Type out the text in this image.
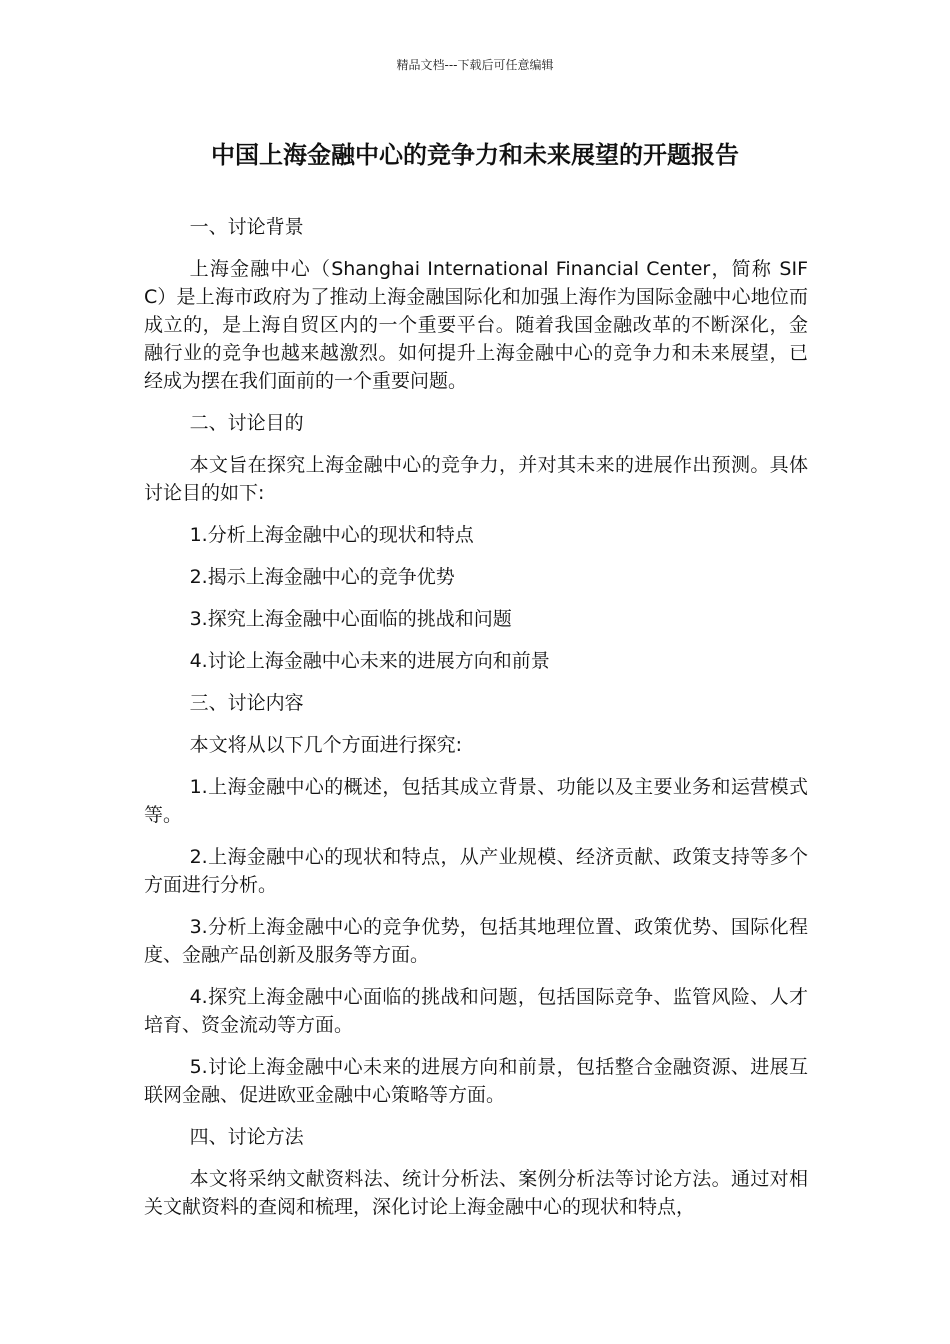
精品文档---下载后可任意编辑
中国上海金融中心的竞争力和未来展望的开题报告

一、讨论背景

上海金融中心（Shanghai International Financial Center，简称 SIFC）是上海市政府为了推动上海金融国际化和加强上海作为国际金融中心地位而成立的，是上海自贸区内的一个重要平台。随着我国金融改革的不断深化，金融行业的竞争也越来越激烈。如何提升上海金融中心的竞争力和未来展望，已经成为摆在我们面前的一个重要问题。

二、讨论目的

本文旨在探究上海金融中心的竞争力，并对其未来的进展作出预测。具体讨论目的如下:

1.分析上海金融中心的现状和特点

2.揭示上海金融中心的竞争优势

3.探究上海金融中心面临的挑战和问题

4.讨论上海金融中心未来的进展方向和前景

三、讨论内容

本文将从以下几个方面进行探究:

1.上海金融中心的概述，包括其成立背景、功能以及主要业务和运营模式等。

2.上海金融中心的现状和特点，从产业规模、经济贡献、政策支持等多个方面进行分析。

3.分析上海金融中心的竞争优势，包括其地理位置、政策优势、国际化程度、金融产品创新及服务等方面。

4.探究上海金融中心面临的挑战和问题，包括国际竞争、监管风险、人才培育、资金流动等方面。

5.讨论上海金融中心未来的进展方向和前景，包括整合金融资源、进展互联网金融、促进欧亚金融中心策略等方面。

四、讨论方法

本文将采纳文献资料法、统计分析法、案例分析法等讨论方法。通过对相关文献资料的查阅和梳理，深化讨论上海金融中心的现状和特点，
